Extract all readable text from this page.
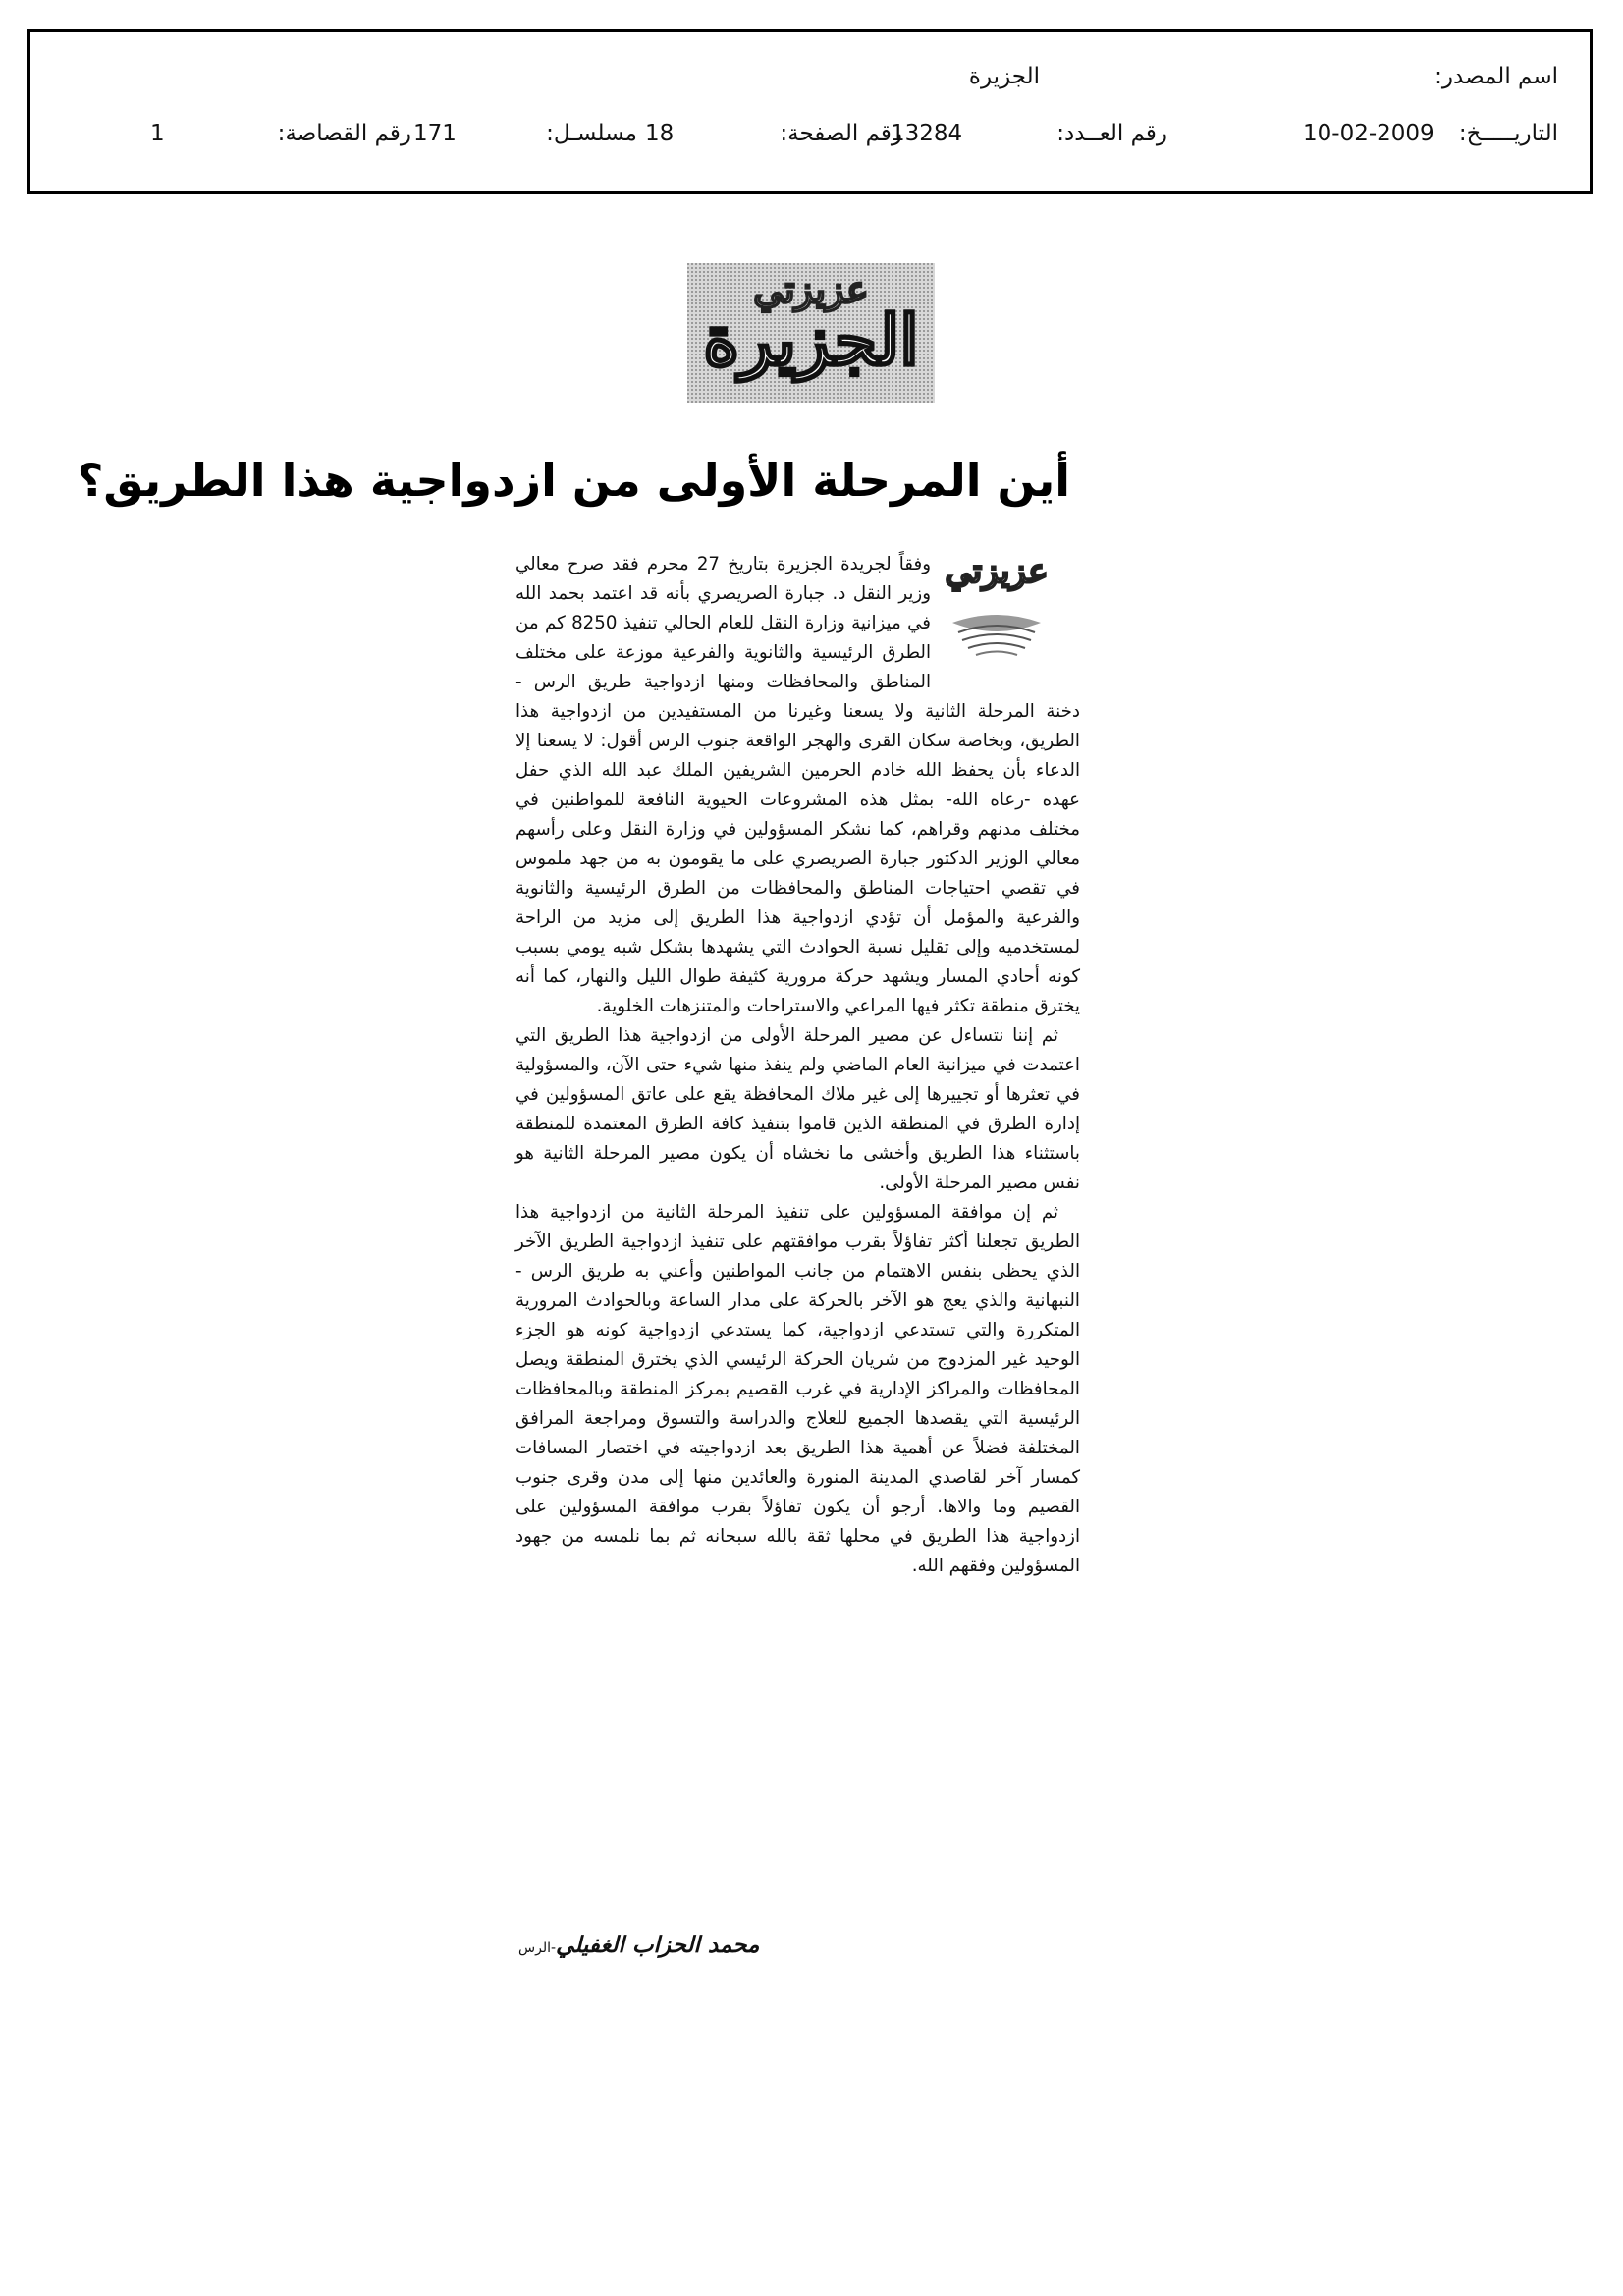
اسم المصدر:
الجزيرة
التاريـــــخ:
10-02-2009
رقم العــدد:
13284
رقم الصفحة:
18
مسلسـل:
171
رقم القصاصة:
1
عزيزتي
الجزيرة
أين المرحلة الأولى من ازدواجية هذا الطريق؟
عزيزتي

وفقاً لجريدة الجزيرة بتاريخ 27 محرم فقد صرح معالي وزير النقل د. جبارة الصريصري بأنه قد اعتمد بحمد الله في ميزانية وزارة النقل للعام الحالي تنفيذ 8250 كم من الطرق الرئيسية والثانوية والفرعية موزعة على مختلف المناطق والمحافظات ومنها ازدواجية طريق الرس - دخنة المرحلة الثانية ولا يسعنا وغيرنا من المستفيدين من ازدواجية هذا الطريق، وبخاصة سكان القرى والهجر الواقعة جنوب الرس أقول: لا يسعنا إلا الدعاء بأن يحفظ الله خادم الحرمين الشريفين الملك عبد الله الذي حفل عهده -رعاه الله- بمثل هذه المشروعات الحيوية النافعة للمواطنين في مختلف مدنهم وقراهم، كما نشكر المسؤولين في وزارة النقل وعلى رأسهم معالي الوزير الدكتور جبارة الصريصري على ما يقومون به من جهد ملموس في تقصي احتياجات المناطق والمحافظات من الطرق الرئيسية والثانوية والفرعية والمؤمل أن تؤدي ازدواجية هذا الطريق إلى مزيد من الراحة لمستخدميه وإلى تقليل نسبة الحوادث التي يشهدها بشكل شبه يومي بسبب كونه أحادي المسار ويشهد حركة مرورية كثيفة طوال الليل والنهار، كما أنه يخترق منطقة تكثر فيها المراعي والاستراحات والمتنزهات الخلوية.

ثم إننا نتساءل عن مصير المرحلة الأولى من ازدواجية هذا الطريق التي اعتمدت في ميزانية العام الماضي ولم ينفذ منها شيء حتى الآن، والمسؤولية في تعثرها أو تجييرها إلى غير ملاك المحافظة يقع على عاتق المسؤولين في إدارة الطرق في المنطقة الذين قاموا بتنفيذ كافة الطرق المعتمدة للمنطقة باستثناء هذا الطريق وأخشى ما نخشاه أن يكون مصير المرحلة الثانية هو نفس مصير المرحلة الأولى.

ثم إن موافقة المسؤولين على تنفيذ المرحلة الثانية من ازدواجية هذا الطريق تجعلنا أكثر تفاؤلاً بقرب موافقتهم على تنفيذ ازدواجية الطريق الآخر الذي يحظى بنفس الاهتمام من جانب المواطنين وأعني به طريق الرس - النبهانية والذي يعج هو الآخر بالحركة على مدار الساعة وبالحوادث المرورية المتكررة والتي تستدعي ازدواجية، كما يستدعي ازدواجية كونه هو الجزء الوحيد غير المزدوج من شريان الحركة الرئيسي الذي يخترق المنطقة ويصل المحافظات والمراكز الإدارية في غرب القصيم بمركز المنطقة وبالمحافظات الرئيسية التي يقصدها الجميع للعلاج والدراسة والتسوق ومراجعة المرافق المختلفة فضلاً عن أهمية هذا الطريق بعد ازدواجيته في اختصار المسافات كمسار آخر لقاصدي المدينة المنورة والعائدين منها إلى مدن وقرى جنوب القصيم وما والاها. أرجو أن يكون تفاؤلاً بقرب موافقة المسؤولين على ازدواجية هذا الطريق في محلها ثقة بالله سبحانه ثم بما نلمسه من جهود المسؤولين وفقهم الله.

محمد الحزاب الغفيلي-الرس
